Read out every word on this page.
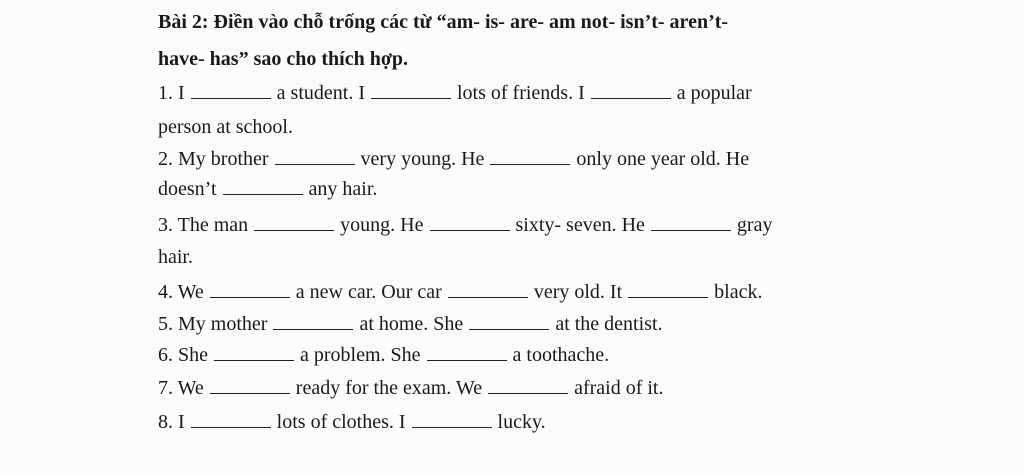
Bài 2: Điền vào chỗ trống các từ “am- is- are- am not- isn’t- aren’t-
have- has” sao cho thích hợp.
1. I	a student. I	lots of friends. I	a popular
person at school.
2. My brother	very young. He	only one year old. He
doesn’t	any hair.
3. The man	young. He	sixty- seven. He	gray
hair.
4. We	a new car. Our car	very old. It	black.
5. My mother	at home. She	at the dentist.
6. She	a problem. She	a toothache.
7. We	ready for the exam. We	afraid of it.
8. I	lots of clothes. I	lucky.
